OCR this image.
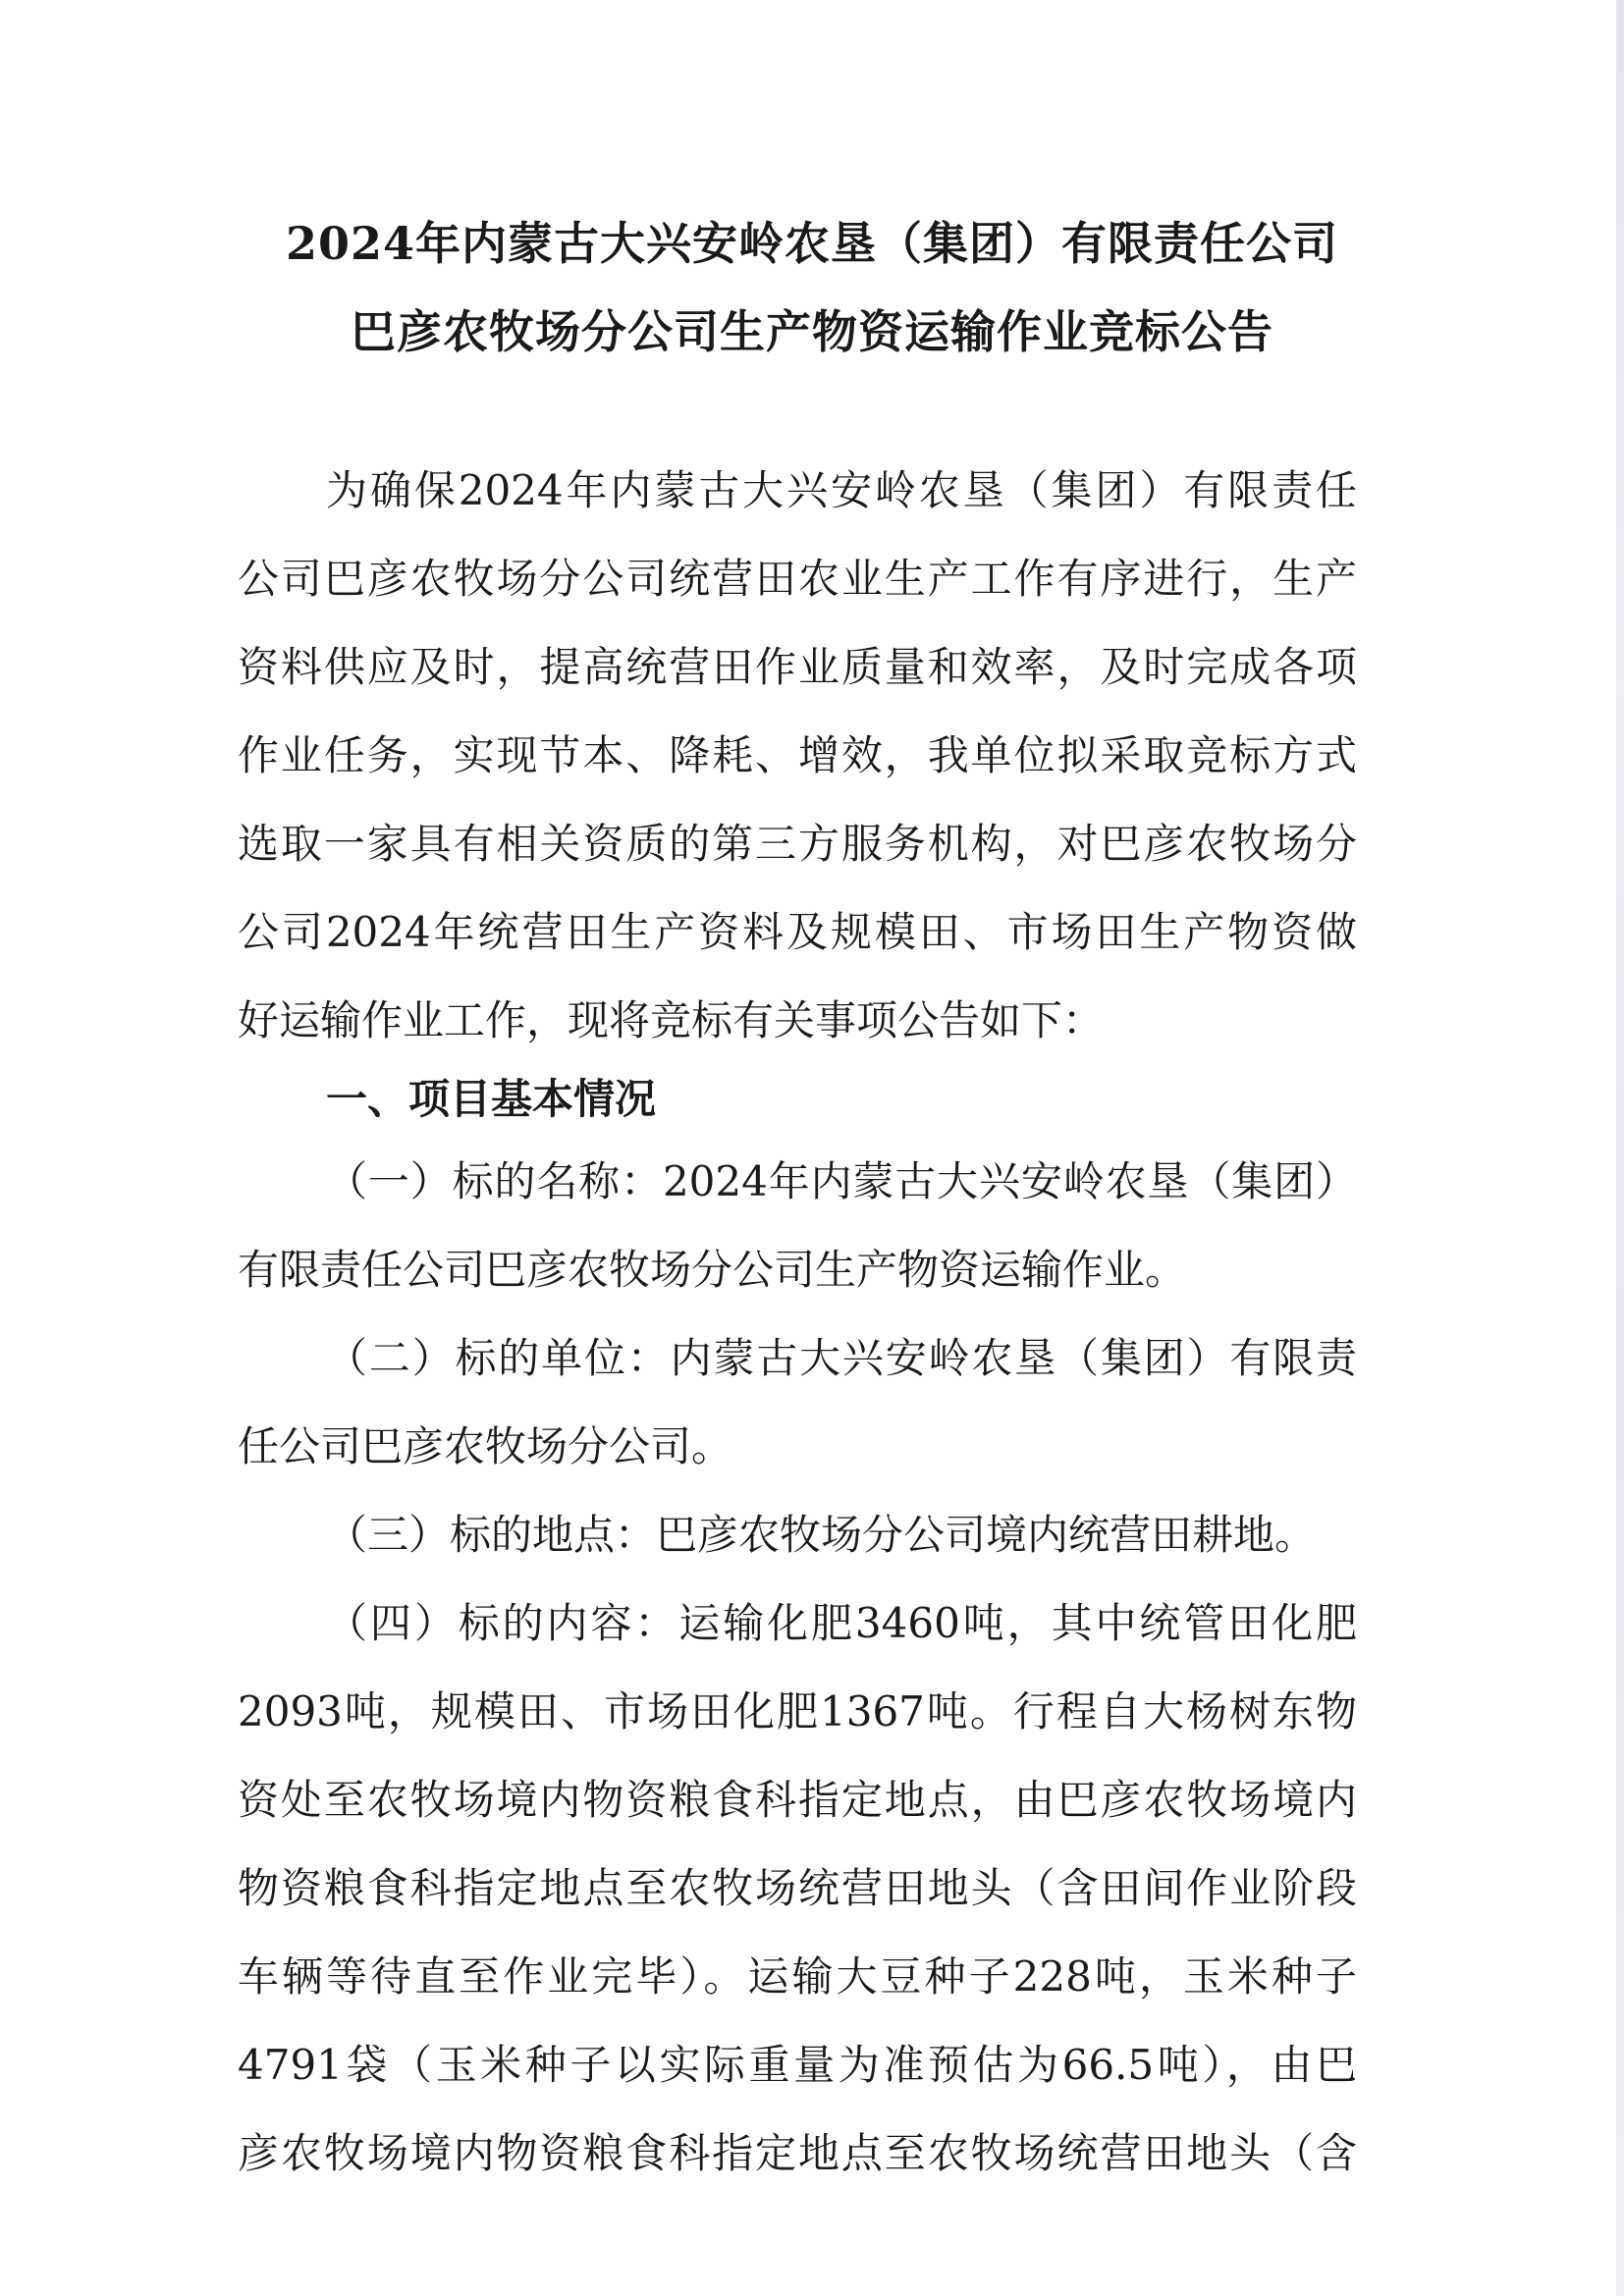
2024年内蒙古大兴安岭农垦（集团）有限责任公司
巴彦农牧场分公司生产物资运输作业竞标公告
为确保2024年内蒙古大兴安岭农垦（集团）有限责任
公司巴彦农牧场分公司统营田农业生产工作有序进行，生产
资料供应及时，提高统营田作业质量和效率，及时完成各项
作业任务，实现节本、降耗、增效，我单位拟采取竞标方式
选取一家具有相关资质的第三方服务机构，对巴彦农牧场分
公司2024年统营田生产资料及规模田、市场田生产物资做
好运输作业工作，现将竞标有关事项公告如下：
一、项目基本情况
（一）标的名称：2024年内蒙古大兴安岭农垦（集团）
有限责任公司巴彦农牧场分公司生产物资运输作业。
（二）标的单位：内蒙古大兴安岭农垦（集团）有限责
任公司巴彦农牧场分公司。
（三）标的地点：巴彦农牧场分公司境内统营田耕地。
（四）标的内容：运输化肥3460吨，其中统管田化肥
2093吨，规模田、市场田化肥1367吨。行程自大杨树东物
资处至农牧场境内物资粮食科指定地点，由巴彦农牧场境内
物资粮食科指定地点至农牧场统营田地头（含田间作业阶段
车辆等待直至作业完毕）。运输大豆种子228吨，玉米种子
4791袋（玉米种子以实际重量为准预估为66.5吨），由巴
彦农牧场境内物资粮食科指定地点至农牧场统营田地头（含
